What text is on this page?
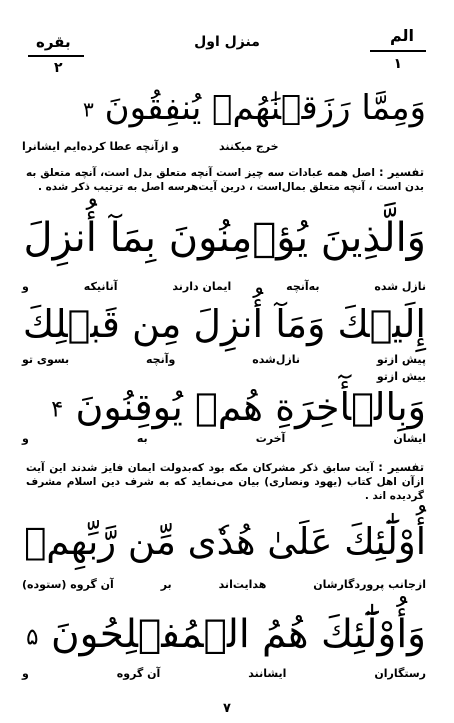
بقره
۲
منزل اول	الم
۱
وَمِمَّا رَزَقۡنَٰهُمۡ يُنفِقُونَ ۳
و ازآنچه عطا کرده‌ایم ایشانرا	خرج میکنند
تفسیر : اصل همه عبادات سه چیز است آنچه متعلق بدل است، آنچه متعلق به بدن است ، آنچه متعلق بمال‌است ، درین آیت‌هرسه اصل به ترتیب ذکر شده .
وَالَّذِينَ يُؤۡمِنُونَ بِمَآ أُنزِلَ
و	آنانیکه	ایمان دارند	به‌آنچه	نازل شده
إِلَيۡكَ وَمَآ أُنزِلَ مِن قَبۡلِكَ
بسوی تو	وآنچه	نازل‌شده	پیش ازتو
بیش ازتو
وَبِالۡأٓخِرَةِ هُمۡ يُوقِنُونَ ۴
و	به	آخرت	ایشان
تفسیر : آیت سابق ذکر مشرکان مکه بود که‌بدولت ایمان فایز شدند این آیت ازآن اهل کتاب (یهود ونصاری) بیان می‌نماید که به شرف دین اسلام مشرف گردیده اند .
أُوْلَٰٓئِكَ عَلَىٰ هُدٗى مِّن رَّبِّهِمۡ
آن گروه (ستوده)	بر	هدایت‌اند	ازجانب پروردگارشان
وَأُوْلَٰٓئِكَ هُمُ الۡمُفۡلِحُونَ ۵
و	آن گروه	ایشانند	رستگاران
۷
